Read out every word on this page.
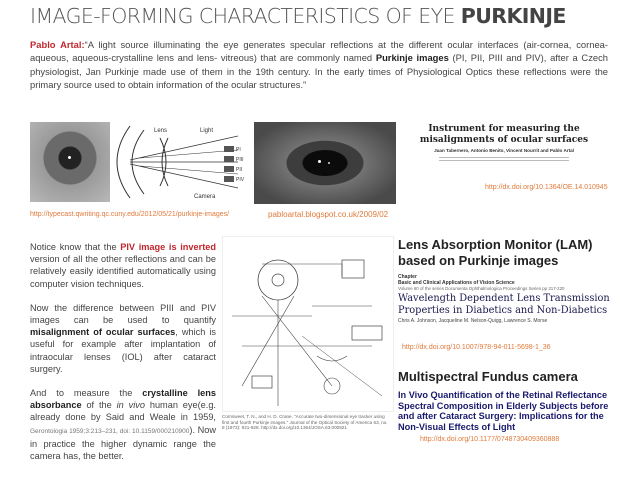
IMAGE-FORMING CHARACTERISTICS OF EYE PURKINJE
Pablo Artal:“A light source illuminating the eye generates specular reflections at the different ocular interfaces (air-cornea, cornea-aqueous, aqueous-crystalline lens and lens- vitreous) that are commonly named Purkinje images (PI, PII, PIII and PIV), after a Czech physiologist, Jan Purkinje made use of them in the 19th century. In the early times of Physiological Optics these reflections were the primary source used to obtain information of the ocular structures.”
Lens	Light
Camera
PI
PIII
PII
PIV
Instrument for measuring the misalignments of ocular surfaces
Juan Tabernero, Antonio Benito, Vincent Nourrit and Pablo Artal
http://typecast.qwriting.qc.cuny.edu/2012/05/21/purkinje-images/	pabloartal.blogspot.co.uk/2009/02
http://dx.doi.org/10.1364/OE.14.010945
Notice know that the PIV image is inverted version of all the other reflections and can be relatively easily identified automatically using computer vision techniques.
Now the difference between PIII and PIV images can be used to quantify misalignment of ocular surfaces, which is useful for example after implantation of intraocular lenses (IOL) after cataract surgery.
And to measure the crystalline lens absorbance of the in vivo human eye(e.g. already done by Said and Weale in 1959, Gerontologia 1959;3:213–231, doi: 10.1159/000210900). Now in practice the higher dynamic range the camera has, the better.
Cornsweet, T. N., and H. D. Crane. "Accurate two-dimensional eye tracker using first and fourth Purkinje images." Journal of the Optical Society of America 63, no. 8 (1973): 921-928. http://dx.doi.org/10.1364/JOSA.63.000921
Lens Absorption Monitor (LAM) based on Purkinje images
Chapter
Basic and Clinical Applications of Vision Science
Volume 60 of the series Documenta Ophthalmologica Proceedings Series pp 217-220
Wavelength Dependent Lens Transmission Properties in Diabetics and Non-Diabetics
Chris A. Johnson, Jacqueline M. Nelson-Quigg, Lawrence S. Morse
http://dx.doi.org/10.1007/978-94-011-5698-1_36
Multispectral Fundus camera
In Vivo Quantification of the Retinal Reflectance Spectral Composition in Elderly Subjects before and after Cataract Surgery: Implications for the Non-Visual Effects of Light
http://dx.doi.org/10.1177/0748730409360888
